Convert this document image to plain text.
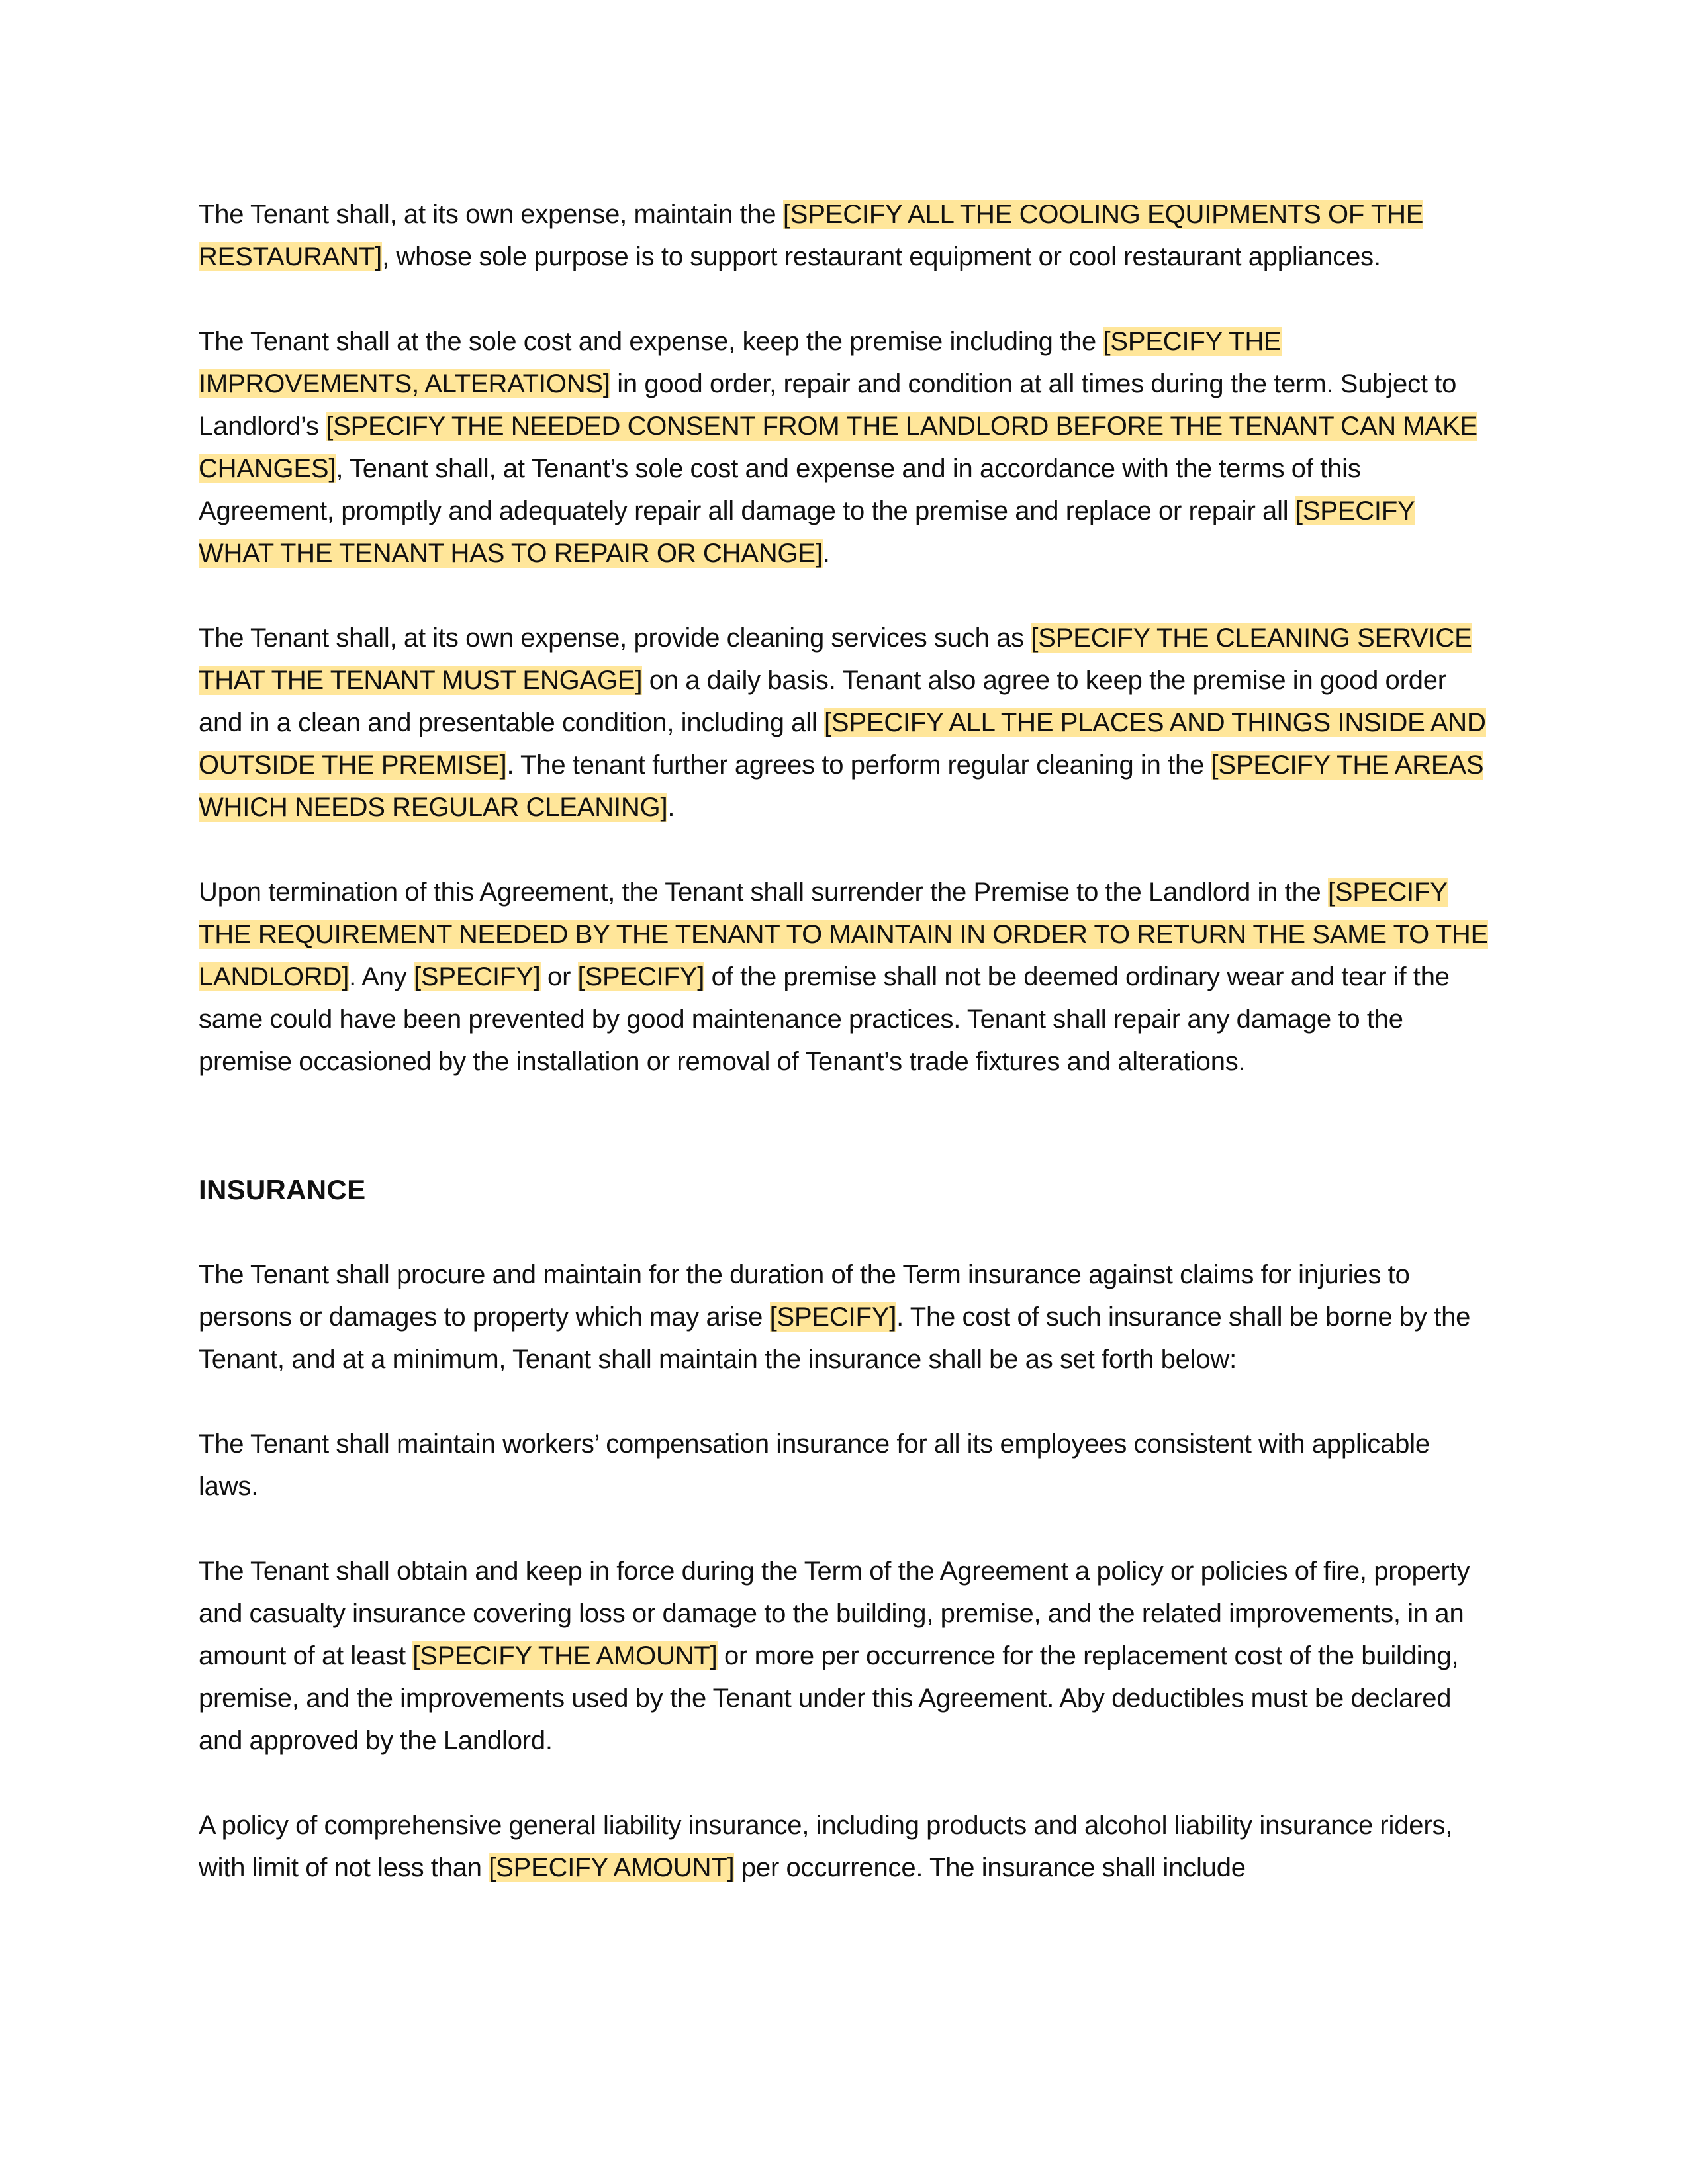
The Tenant shall, at its own expense, maintain the [SPECIFY ALL THE COOLING EQUIPMENTS OF THE RESTAURANT], whose sole purpose is to support restaurant equipment or cool restaurant appliances.

The Tenant shall at the sole cost and expense, keep the premise including the [SPECIFY THE IMPROVEMENTS, ALTERATIONS] in good order, repair and condition at all times during the term. Subject to Landlord’s [SPECIFY THE NEEDED CONSENT FROM THE LANDLORD BEFORE THE TENANT CAN MAKE CHANGES], Tenant shall, at Tenant’s sole cost and expense and in accordance with the terms of this Agreement, promptly and adequately repair all damage to the premise and replace or repair all [SPECIFY WHAT THE TENANT HAS TO REPAIR OR CHANGE].

The Tenant shall, at its own expense, provide cleaning services such as [SPECIFY THE CLEANING SERVICE THAT THE TENANT MUST ENGAGE] on a daily basis. Tenant also agree to keep the premise in good order and in a clean and presentable condition, including all [SPECIFY ALL THE PLACES AND THINGS INSIDE AND OUTSIDE THE PREMISE]. The tenant further agrees to perform regular cleaning in the [SPECIFY THE AREAS WHICH NEEDS REGULAR CLEANING].

Upon termination of this Agreement, the Tenant shall surrender the Premise to the Landlord in the [SPECIFY THE REQUIREMENT NEEDED BY THE TENANT TO MAINTAIN IN ORDER TO RETURN THE SAME TO THE LANDLORD]. Any [SPECIFY] or [SPECIFY] of the premise shall not be deemed ordinary wear and tear if the same could have been prevented by good maintenance practices. Tenant shall repair any damage to the premise occasioned by the installation or removal of Tenant’s trade fixtures and alterations.

INSURANCE

The Tenant shall procure and maintain for the duration of the Term insurance against claims for injuries to persons or damages to property which may arise [SPECIFY]. The cost of such insurance shall be borne by the Tenant, and at a minimum, Tenant shall maintain the insurance shall be as set forth below:

The Tenant shall maintain workers’ compensation insurance for all its employees consistent with applicable laws.

The Tenant shall obtain and keep in force during the Term of the Agreement a policy or policies of fire, property and casualty insurance covering loss or damage to the building, premise, and the related improvements, in an amount of at least [SPECIFY THE AMOUNT] or more per occurrence for the replacement cost of the building, premise, and the improvements used by the Tenant under this Agreement. Aby deductibles must be declared and approved by the Landlord.

A policy of comprehensive general liability insurance, including products and alcohol liability insurance riders, with limit of not less than [SPECIFY AMOUNT] per occurrence. The insurance shall include
